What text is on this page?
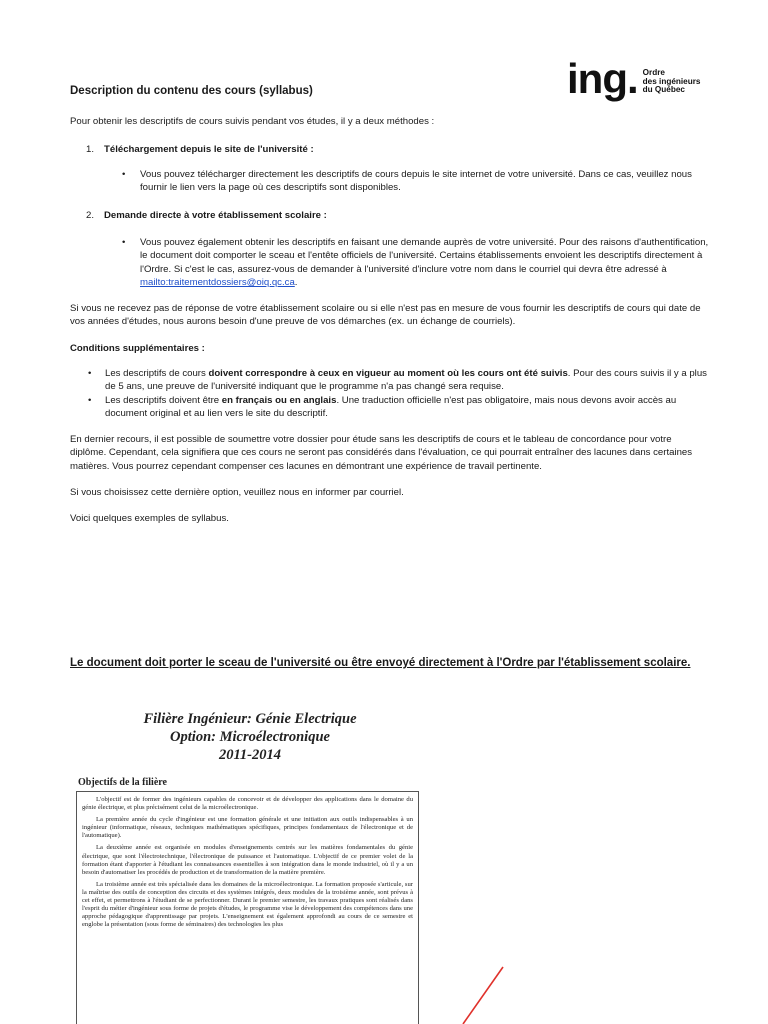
ing. Ordre
des ingénieurs
du Québec
Description du contenu des cours (syllabus)
Pour obtenir les descriptifs de cours suivis pendant vos études, il y a deux méthodes :
1. Téléchargement depuis le site de l'université :
•	Vous pouvez télécharger directement les descriptifs de cours depuis le site internet de votre université. Dans ce cas, veuillez nous fournir le lien vers la page où ces descriptifs sont disponibles.
2. Demande directe à votre établissement scolaire :
•	Vous pouvez également obtenir les descriptifs en faisant une demande auprès de votre université. Pour des raisons d'authentification, le document doit comporter le sceau et l'entête officiels de l'université. Certains établissements envoient les descriptifs directement à l'Ordre. Si c'est le cas, assurez-vous de demander à l'université d'inclure votre nom dans le courriel qui devra être adressé à mailto:traitementdossiers@oiq.qc.ca.
Si vous ne recevez pas de réponse de votre établissement scolaire ou si elle n'est pas en mesure de vous fournir les descriptifs de cours qui date de vos années d'études, nous aurons besoin d'une preuve de vos démarches (ex. un échange de courriels).
Conditions supplémentaires :
•	Les descriptifs de cours doivent correspondre à ceux en vigueur au moment où les cours ont été suivis. Pour des cours suivis il y a plus de 5 ans, une preuve de l'université indiquant que le programme n'a pas changé sera requise.
•	Les descriptifs doivent être en français ou en anglais. Une traduction officielle n'est pas obligatoire, mais nous devons avoir accès au document original et au lien vers le site du descriptif.
En dernier recours, il est possible de soumettre votre dossier pour étude sans les descriptifs de cours et le tableau de concordance pour votre diplôme. Cependant, cela signifiera que ces cours ne seront pas considérés dans l'évaluation, ce qui pourrait entraîner des lacunes dans certaines matières. Vous pourrez cependant compenser ces lacunes en démontrant une expérience de travail pertinente.
Si vous choisissez cette dernière option, veuillez nous en informer par courriel.
Voici quelques exemples de syllabus.
Le document doit porter le sceau de l'université ou être envoyé directement à l'Ordre par l'établissement scolaire.
Filière Ingénieur: Génie Electrique
Option: Microélectronique
2011-2014
Objectifs de la filière

L'objectif est de former des ingénieurs capables de concevoir et de développer des applications dans le domaine du génie électrique, et plus précisément celui de la microélectronique.

La première année du cycle d'ingénieur est une formation générale et une initiation aux outils indispensables à un ingénieur (informatique, réseaux, techniques mathématiques spécifiques, principes fondamentaux de l'électronique et de l'automatique).

La deuxième année est organisée en modules d'enseignements centrés sur les matières fondamentales du génie électrique, que sont l'électrotechnique, l'électronique de puissance et l'automatique. L'objectif de ce premier volet de la formation étant d'apporter à l'étudiant les connaissances essentielles à son intégration dans le monde industriel, où il y a un besoin d'automatiser les procédés de production et de transformation de la matière première.

La troisième année est très spécialisée dans les domaines de la microélectronique. La formation proposée s'articule, sur la maîtrise des outils de conception des circuits et des systèmes intégrés, deux modules de la troisième année, sont prévus à cet effet, et permettrons à l'étudiant de se perfectionner. Durant le premier semestre, les travaux pratiques sont réalisés dans l'esprit du métier d'ingénieur sous forme de projets d'études, le programme vise le développement des compétences dans une approche pédagogique d'apprentissage par projets. L'enseignement est également approfondi au cours de ce semestre et englobe la présentation (sous forme de séminaires) des technologies les plus
